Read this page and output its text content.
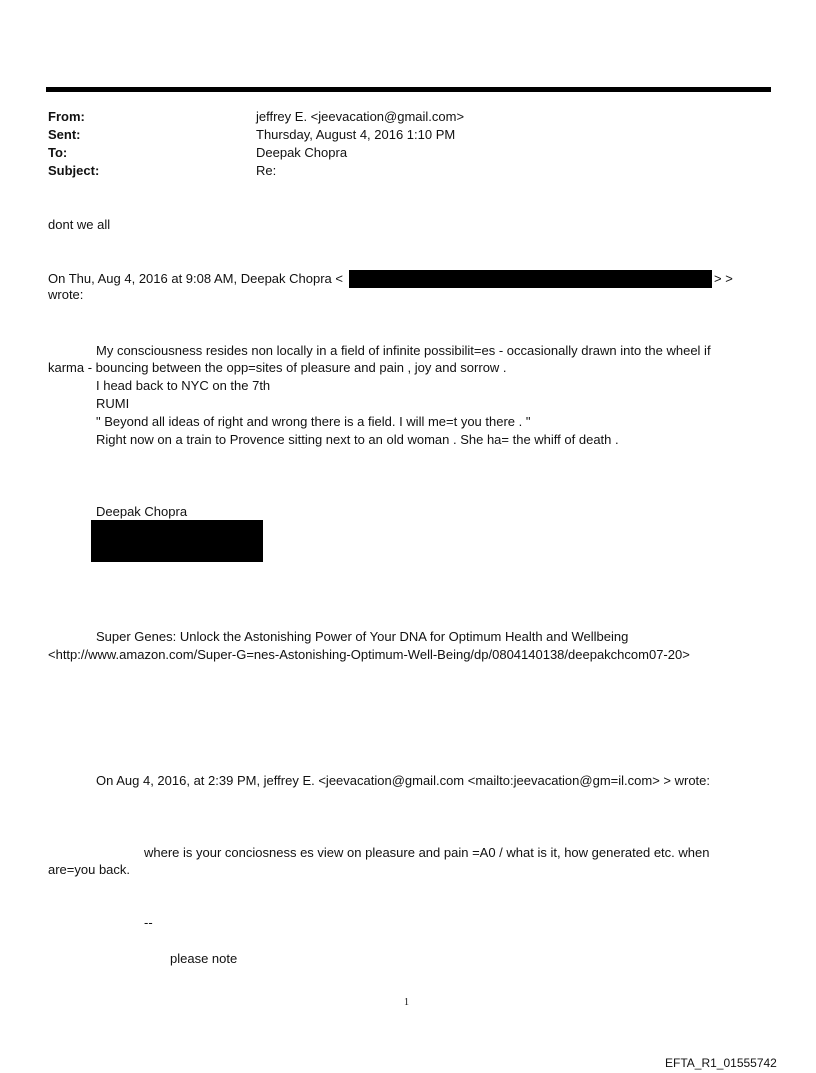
From:	jeffrey E. <jeevacation@gmail.com>
Sent:	Thursday, August 4, 2016 1:10 PM
To:	Deepak Chopra
Subject:	Re:
dont we all
On Thu, Aug 4, 2016 at 9:08 AM, Deepak Chopra <	> >
wrote:
My consciousness resides non locally in a field of infinite possibilit=es - occasionally drawn into the wheel if
karma - bouncing between the opp=sites of pleasure and pain , joy and sorrow .
I head back to NYC on the 7th
RUMI
" Beyond all ideas of right and wrong there is a field. I will me=t you there . "
Right now on a train to Provence sitting next to an old woman . She ha= the whiff of death .
Deepak Chopra
Super Genes: Unlock the Astonishing Power of Your DNA for Optimum Health and Wellbeing
<http://www.amazon.com/Super-G=nes-Astonishing-Optimum-Well-Being/dp/0804140138/deepakchcom07-20>
On Aug 4, 2016, at 2:39 PM, jeffrey E. <jeevacation@gmail.com <mailto:jeevacation@gm=il.com> > wrote:
where is your conciosness es view on pleasure and pain =A0 / what is it, how generated etc. when
are=you back.
--
please note
1
EFTA_R1_01555742
